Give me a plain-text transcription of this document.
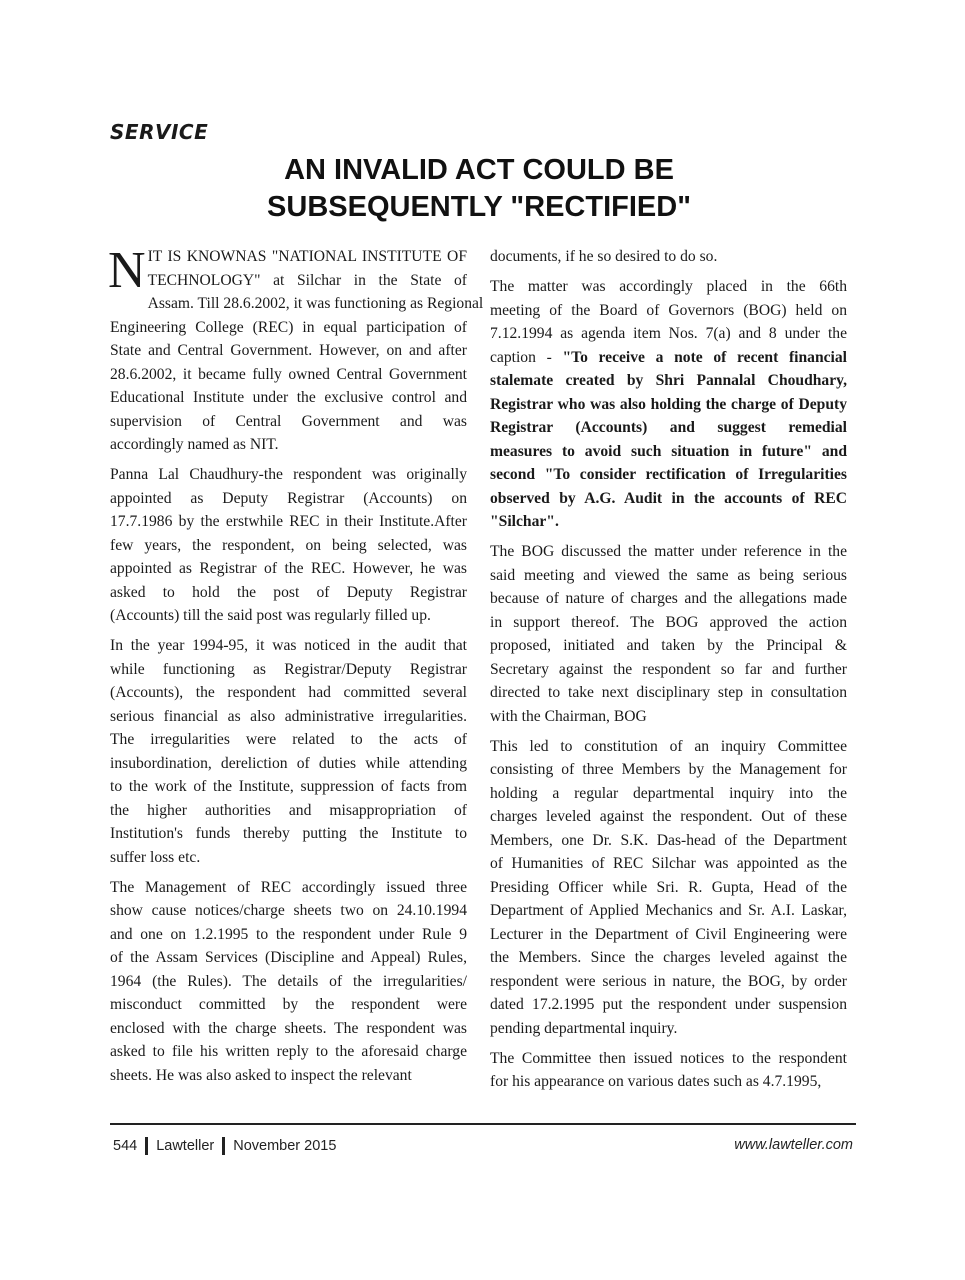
SERVICE
AN INVALID ACT COULD BE
SUBSEQUENTLY "RECTIFIED"
N IT IS KNOWNAS "NATIONAL INSTITUTE OF
TECHNOLOGY" at Silchar in the State of
Assam. Till 28.6.2002, it was functioning as Regional
Engineering College (REC) in equal participation of
State and Central Government. However, on and after
28.6.2002, it became fully owned Central Government
Educational Institute under the exclusive control and
supervision of Central Government and was
accordingly named as NIT.
Panna Lal Chaudhury-the respondent was originally
appointed as Deputy Registrar (Accounts) on
17.7.1986 by the erstwhile REC in their Institute.After
few years, the respondent, on being selected, was
appointed as Registrar of the REC. However, he was
asked to hold the post of Deputy Registrar
(Accounts) till the said post was regularly filled up.
In the year 1994-95, it was noticed in the audit that
while functioning as Registrar/Deputy Registrar
(Accounts), the respondent had committed several
serious financial as also administrative irregularities.
The irregularities were related to the acts of
insubordination, dereliction of duties while attending
to the work of the Institute, suppression of facts from
the higher authorities and misappropriation of
Institution's funds thereby putting the Institute to
suffer loss etc.
The Management of REC accordingly issued three
show cause notices/charge sheets two on 24.10.1994
and one on 1.2.1995 to the respondent under Rule 9
of the Assam Services (Discipline and Appeal) Rules,
1964 (the Rules). The details of the irregularities/
misconduct committed by the respondent were
enclosed with the charge sheets. The respondent was
asked to file his written reply to the aforesaid charge
sheets. He was also asked to inspect the relevant
documents, if he so desired to do so.
The matter was accordingly placed in the 66th
meeting of the Board of Governors (BOG) held on
7.12.1994 as agenda item Nos. 7(a) and 8 under the
caption - "To receive a note of recent financial
stalemate created by Shri Pannalal Choudhary,
Registrar who was also holding the charge of Deputy
Registrar (Accounts) and suggest remedial
measures to avoid such situation in future" and
second "To consider rectification of Irregularities
observed by A.G. Audit in the accounts of REC
"Silchar".
The BOG discussed the matter under reference in the
said meeting and viewed the same as being serious
because of nature of charges and the allegations made
in support thereof. The BOG approved the action
proposed, initiated and taken by the Principal &
Secretary against the respondent so far and further
directed to take next disciplinary step in consultation
with the Chairman, BOG
This led to constitution of an inquiry Committee
consisting of three Members by the Management for
holding a regular departmental inquiry into the
charges leveled against the respondent. Out of these
Members, one Dr. S.K. Das-head of the Department
of Humanities of REC Silchar was appointed as the
Presiding Officer while Sri. R. Gupta, Head of the
Department of Applied Mechanics and Sr. A.I. Laskar,
Lecturer in the Department of Civil Engineering were
the Members. Since the charges leveled against the
respondent were serious in nature, the BOG, by order
dated 17.2.1995 put the respondent under suspension
pending departmental inquiry.
The Committee then issued notices to the respondent
for his appearance on various dates such as 4.7.1995,
544 Lawteller November 2015	www.lawteller.com
